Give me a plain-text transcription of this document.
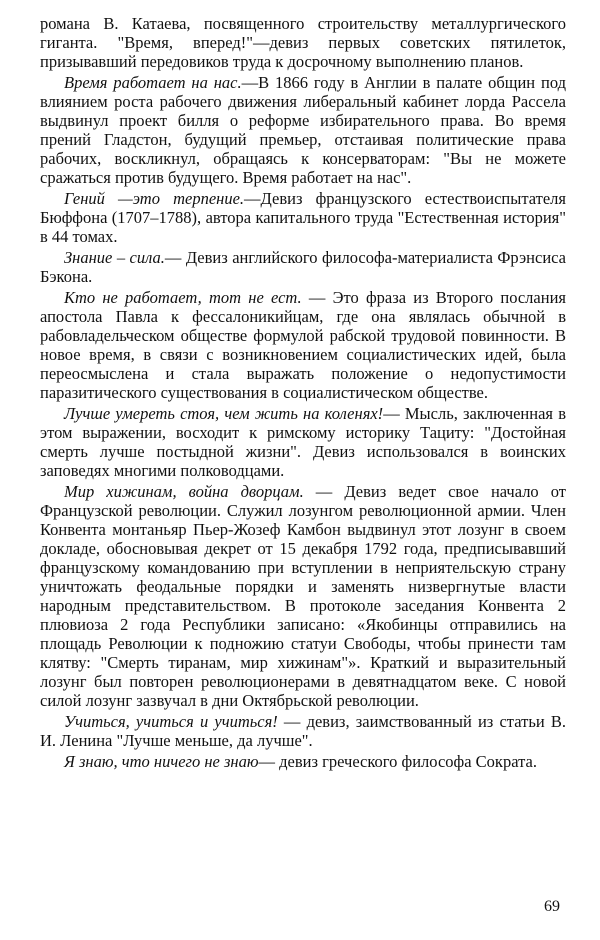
романа В. Катаева, посвященного строительству металлургического гиганта. "Время, вперед!"—девиз первых советских пятилеток, призывавший передовиков труда к досрочному выполнению планов.

Время работает на нас.—В 1866 году в Англии в палате общин под влиянием роста рабочего движения либеральный кабинет лорда Рассела выдвинул проект билля о реформе избирательного права. Во время прений Гладстон, будущий премьер, отстаивая политические права рабочих, воскликнул, обращаясь к консерваторам: "Вы не можете сражаться против будущего. Время работает на нас".

Гений —это терпение.—Девиз французского естествоиспытателя Бюффона (1707–1788), автора капитального труда "Естественная история" в 44 томах.

Знание – сила.— Девиз английского философа-материалиста Фрэнсиса Бэкона.

Кто не работает, тот не ест. — Это фраза из Второго послания апостола Павла к фессалоникийцам, где она являлась обычной в рабовладельческом обществе формулой рабской трудовой повинности. В новое время, в связи с возникновением социалистических идей, была переосмыслена и стала выражать положение о недопустимости паразитического существования в социалистическом обществе.

Лучше умереть стоя, чем жить на коленях!— Мысль, заключенная в этом выражении, восходит к римскому историку Тациту: "Достойная смерть лучше постыдной жизни". Девиз использовался в воинских заповедях многими полководцами.

Мир хижинам, война дворцам. — Девиз ведет свое начало от Французской революции. Служил лозунгом революционной армии. Член Конвента монтаньяр Пьер-Жозеф Камбон выдвинул этот лозунг в своем докладе, обосновывая декрет от 15 декабря 1792 года, предписывавший французскому командованию при вступлении в неприятельскую страну уничтожать феодальные порядки и заменять низвергнутые власти народным представительством. В протоколе заседания Конвента 2 плювиоза 2 года Республики записано: «Якобинцы отправились на площадь Революции к подножию статуи Свободы, чтобы принести там клятву: "Смерть тиранам, мир хижинам"». Краткий и выразительный лозунг был повторен революционерами в девятнадцатом веке. С новой силой лозунг зазвучал в дни Октябрьской революции.

Учиться, учиться и учиться! — девиз, заимствованный из статьи В. И. Ленина "Лучше меньше, да лучше".

Я знаю, что ничего не знаю— девиз греческого философа Сократа.

69
